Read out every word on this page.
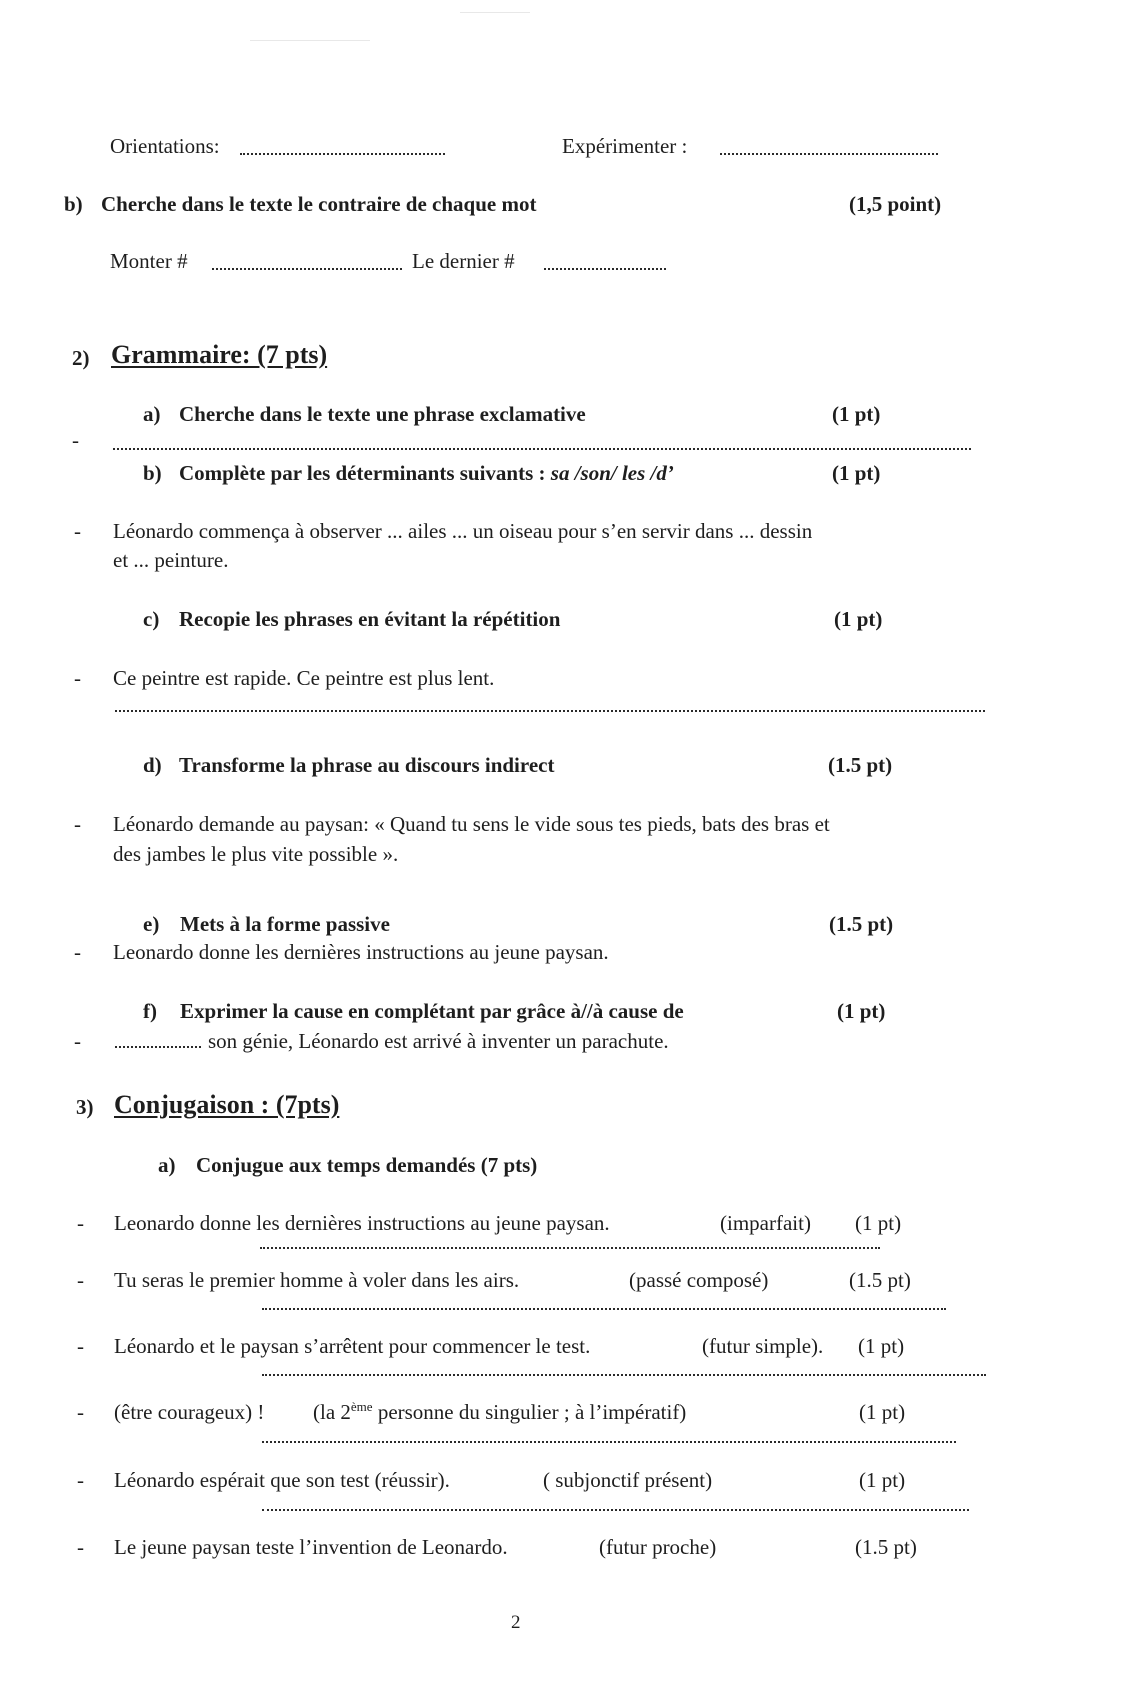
Orientations:	Expérimenter :
b) Cherche dans le texte le contraire de chaque mot	(1,5 point)
Monter #	Le dernier #
2) Grammaire: (7 pts)
a) Cherche dans le texte une phrase exclamative	(1 pt)
-
b) Complète par les déterminants suivants : sa /son/ les /d’	(1 pt)
- Léonardo commença à observer ... ailes ... un oiseau pour s’en servir dans ... dessin
et ... peinture.
c) Recopie les phrases en évitant la répétition	(1 pt)
- Ce peintre est rapide. Ce peintre est plus lent.
d) Transforme la phrase au discours indirect	(1.5 pt)
- Léonardo demande au paysan: « Quand tu sens le vide sous tes pieds, bats des bras et
des jambes le plus vite possible ».
e) Mets à la forme passive	(1.5 pt)
- Leonardo donne les dernières instructions au jeune paysan.
f) Exprimer la cause en complétant par grâce à//à cause de	(1 pt)
-	son génie, Léonardo est arrivé à inventer un parachute.
3) Conjugaison : (7pts)
a) Conjugue aux temps demandés (7 pts)
- Leonardo donne les dernières instructions au jeune paysan.	(imparfait) (1 pt)
- Tu seras le premier homme à voler dans les airs.	(passé composé)	(1.5 pt)
- Léonardo et le paysan s’arrêtent pour commencer le test.	(futur simple). (1 pt)
- (être courageux) ! (la 2ème personne du singulier ; à l’impératif)	(1 pt)
- Léonardo espérait que son test (réussir).	( subjonctif présent)	(1 pt)
- Le jeune paysan teste l’invention de Leonardo.	(futur proche)	(1.5 pt)
2
